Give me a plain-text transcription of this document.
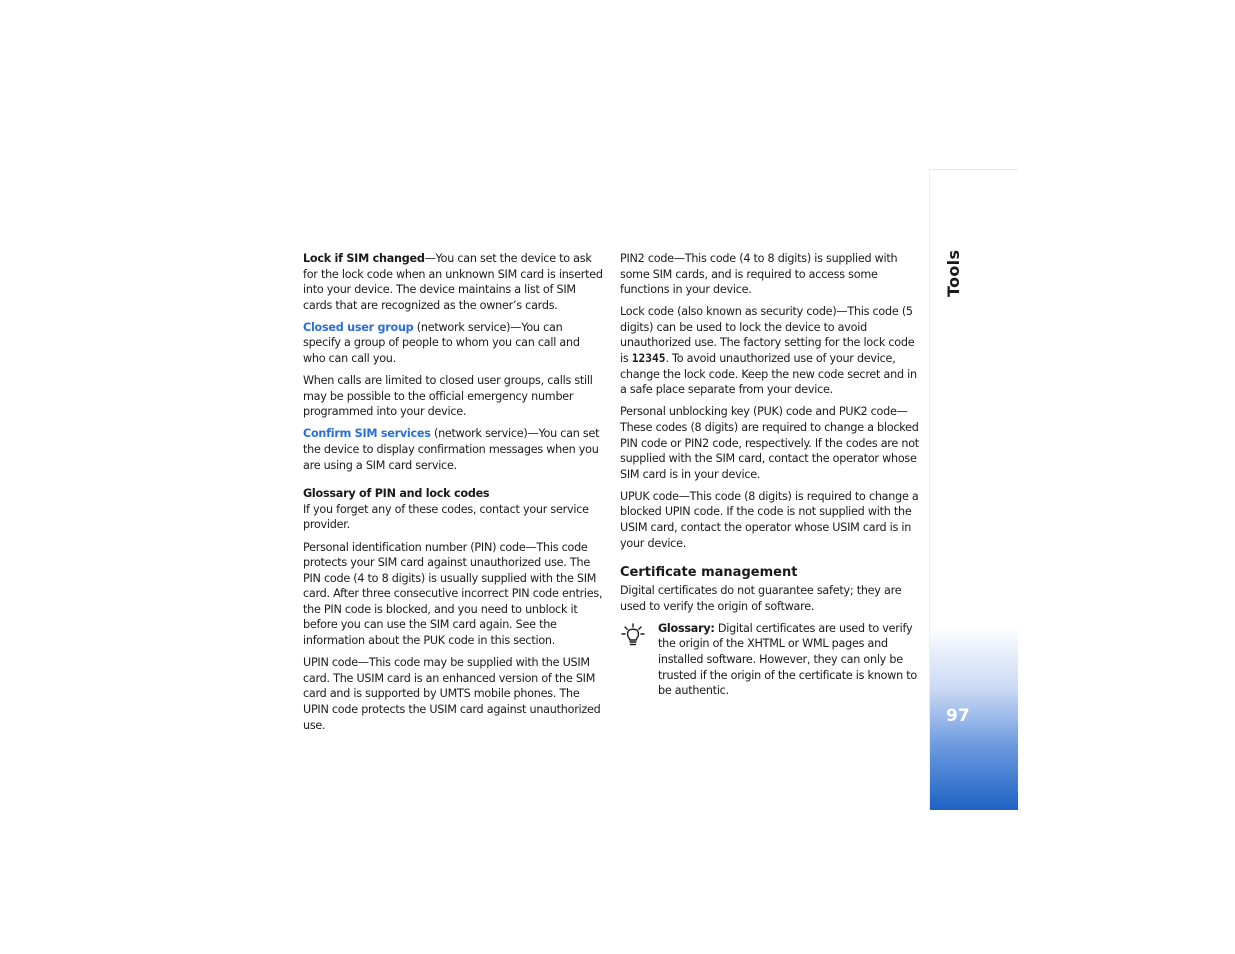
Tools
97

Lock if SIM changed—You can set the device to ask for the lock code when an unknown SIM card is inserted into your device. The device maintains a list of SIM cards that are recognized as the owner’s cards.

Closed user group (network service)—You can specify a group of people to whom you can call and who can call you.

When calls are limited to closed user groups, calls still may be possible to the official emergency number programmed into your device.

Confirm SIM services (network service)—You can set the device to display confirmation messages when you are using a SIM card service.

Glossary of PIN and lock codes

If you forget any of these codes, contact your service provider.

Personal identification number (PIN) code—This code protects your SIM card against unauthorized use. The PIN code (4 to 8 digits) is usually supplied with the SIM card. After three consecutive incorrect PIN code entries, the PIN code is blocked, and you need to unblock it before you can use the SIM card again. See the information about the PUK code in this section.

UPIN code—This code may be supplied with the USIM card. The USIM card is an enhanced version of the SIM card and is supported by UMTS mobile phones. The UPIN code protects the USIM card against unauthorized use.

PIN2 code—This code (4 to 8 digits) is supplied with some SIM cards, and is required to access some functions in your device.

Lock code (also known as security code)—This code (5 digits) can be used to lock the device to avoid unauthorized use. The factory setting for the lock code is 12345. To avoid unauthorized use of your device, change the lock code. Keep the new code secret and in a safe place separate from your device.

Personal unblocking key (PUK) code and PUK2 code—These codes (8 digits) are required to change a blocked PIN code or PIN2 code, respectively. If the codes are not supplied with the SIM card, contact the operator whose SIM card is in your device.

UPUK code—This code (8 digits) is required to change a blocked UPIN code. If the code is not supplied with the USIM card, contact the operator whose USIM card is in your device.

Certificate management

Digital certificates do not guarantee safety; they are used to verify the origin of software.

Glossary: Digital certificates are used to verify the origin of the XHTML or WML pages and installed software. However, they can only be trusted if the origin of the certificate is known to be authentic.
